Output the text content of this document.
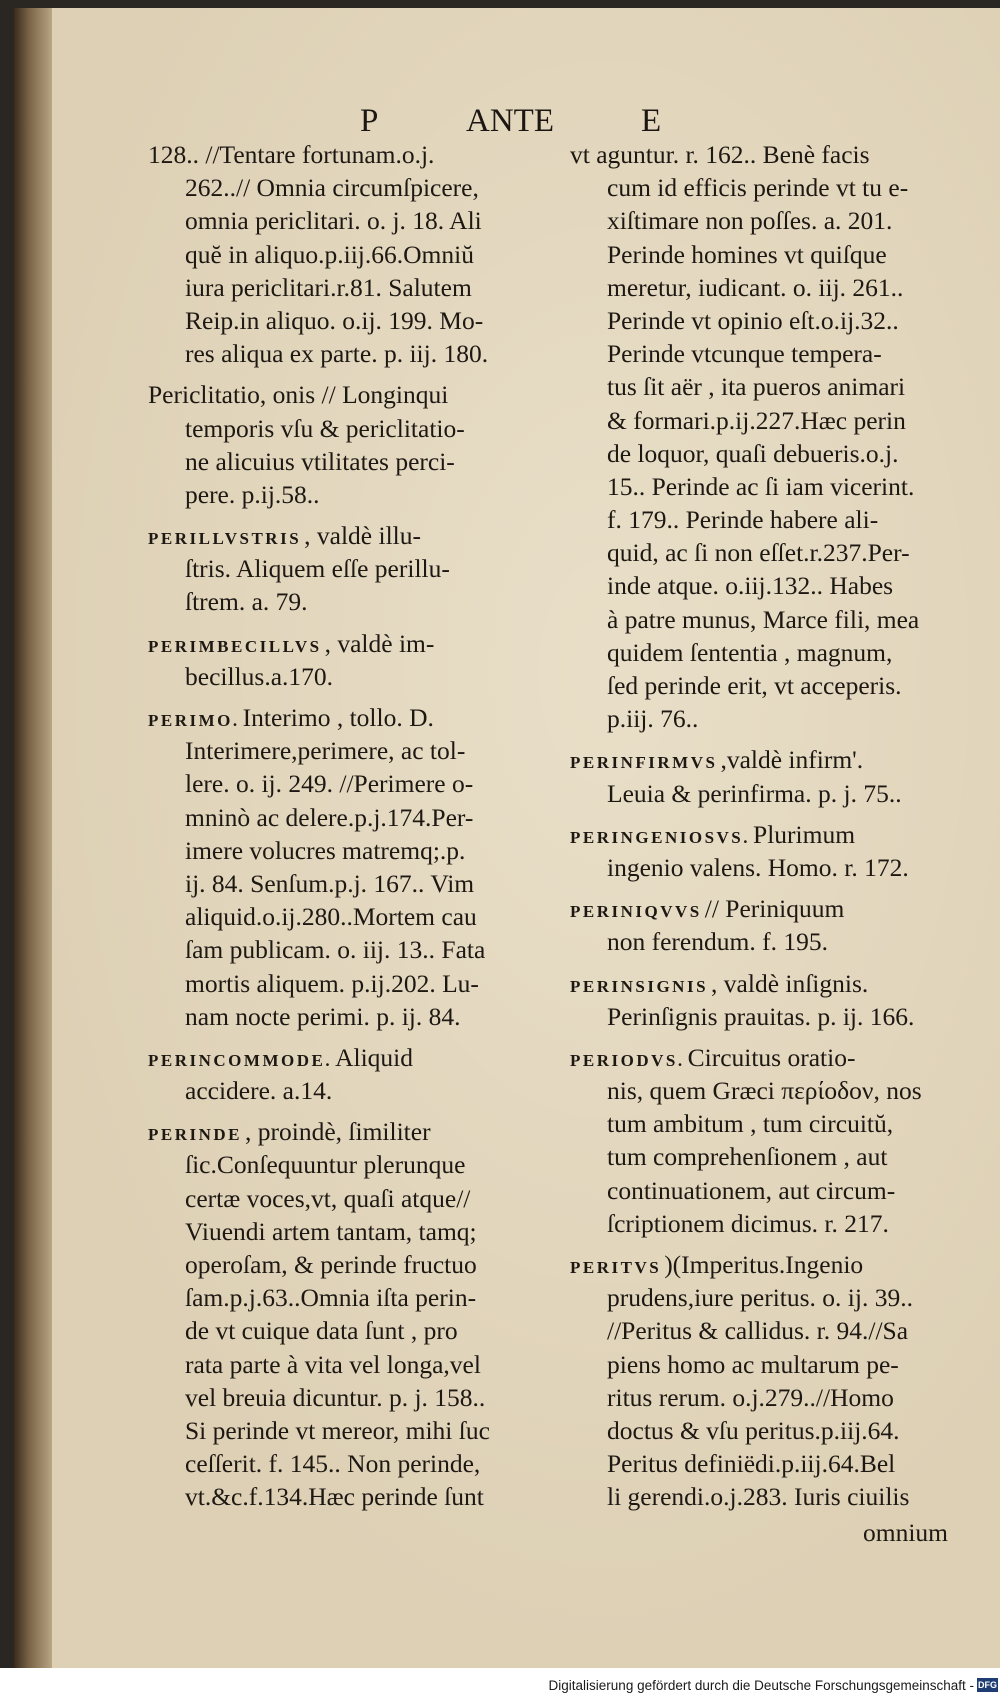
P	ANTE	E
128.. //Tentare fortunam.o.j.
262..// Omnia circumſpicere,
omnia periclitari. o. j. 18. Ali
quĕ in aliquo.p.iij.66.Omniŭ
iura periclitari.r.81. Salutem
Reip.in aliquo. o.ij. 199. Mo-
res aliqua ex parte. p. iij. 180.
Periclitatio, onis // Longinqui
temporis vſu & periclitatio-
ne alicuius vtilitates perci-
pere. p.ij.58..
PERILLVSTRIS , valdè illu-
ſtris. Aliquem eſſe perillu-
ſtrem. a. 79.
PERIMBECILLVS , valdè im-
becillus.a.170.
PERIMO. Interimo , tollo. D.
Interimere,perimere, ac tol-
lere. o. ij. 249. //Perimere o-
mninò ac delere.p.j.174.Per-
imere volucres matremq;.p.
ij. 84. Senſum.p.j. 167.. Vim
aliquid.o.ij.280..Mortem cau
ſam publicam. o. iij. 13.. Fata
mortis aliquem. p.ij.202. Lu-
nam nocte perimi. p. ij. 84.
PERINCOMMODE. Aliquid
accidere. a.14.
PERINDE , proindè, ſimiliter
ſic.Conſequuntur plerunque
certæ voces,vt, quaſi atque//
Viuendi artem tantam, tamq;
operoſam, & perinde fructuo
ſam.p.j.63..Omnia iſta perin-
de vt cuique data ſunt , pro
rata parte à vita vel longa,vel
vel breuia dicuntur. p. j. 158..
Si perinde vt mereor, mihi ſuc
ceſſerit. f. 145.. Non perinde,
vt.&c.f.134.Hæc perinde ſunt
vt aguntur. r. 162.. Benè facis
cum id efficis perinde vt tu e-
xiſtimare non poſſes. a. 201.
Perinde homines vt quiſque
meretur, iudicant. o. iij. 261..
Perinde vt opinio eſt.o.ij.32..
Perinde vtcunque tempera-
tus ſit aër , ita pueros animari
& formari.p.ij.227.Hæc perin
de loquor, quaſi debueris.o.j.
15.. Perinde ac ſi iam vicerint.
f. 179.. Perinde habere ali-
quid, ac ſi non eſſet.r.237.Per-
inde atque. o.iij.132.. Habes
à patre munus, Marce fili, mea
quidem ſententia , magnum,
ſed perinde erit, vt acceperis.
p.iij. 76..
PERINFIRMVS ,valdè infirm'.
Leuia & perinfirma. p. j. 75..
PERINGENIOSVS. Plurimum
ingenio valens. Homo. r. 172.
PERINIQVVS // Periniquum
non ferendum. f. 195.
PERINSIGNIS , valdè inſignis.
Perinſignis prauitas. p. ij. 166.
PERIODVS. Circuitus oratio-
nis, quem Græci περίοδον, nos
tum ambitum , tum circuitŭ,
tum comprehenſionem , aut
continuationem, aut circum-
ſcriptionem dicimus. r. 217.
PERITVS )(Imperitus.Ingenio
prudens,iure peritus. o. ij. 39..
//Peritus & callidus. r. 94.//Sa
piens homo ac multarum pe-
ritus rerum. o.j.279..//Homo
doctus & vſu peritus.p.iij.64.
Peritus definiëdi.p.iij.64.Bel
li gerendi.o.j.283. Iuris ciuilis
omnium
Digitalisierung gefördert durch die Deutsche Forschungsgemeinschaft - DFG
